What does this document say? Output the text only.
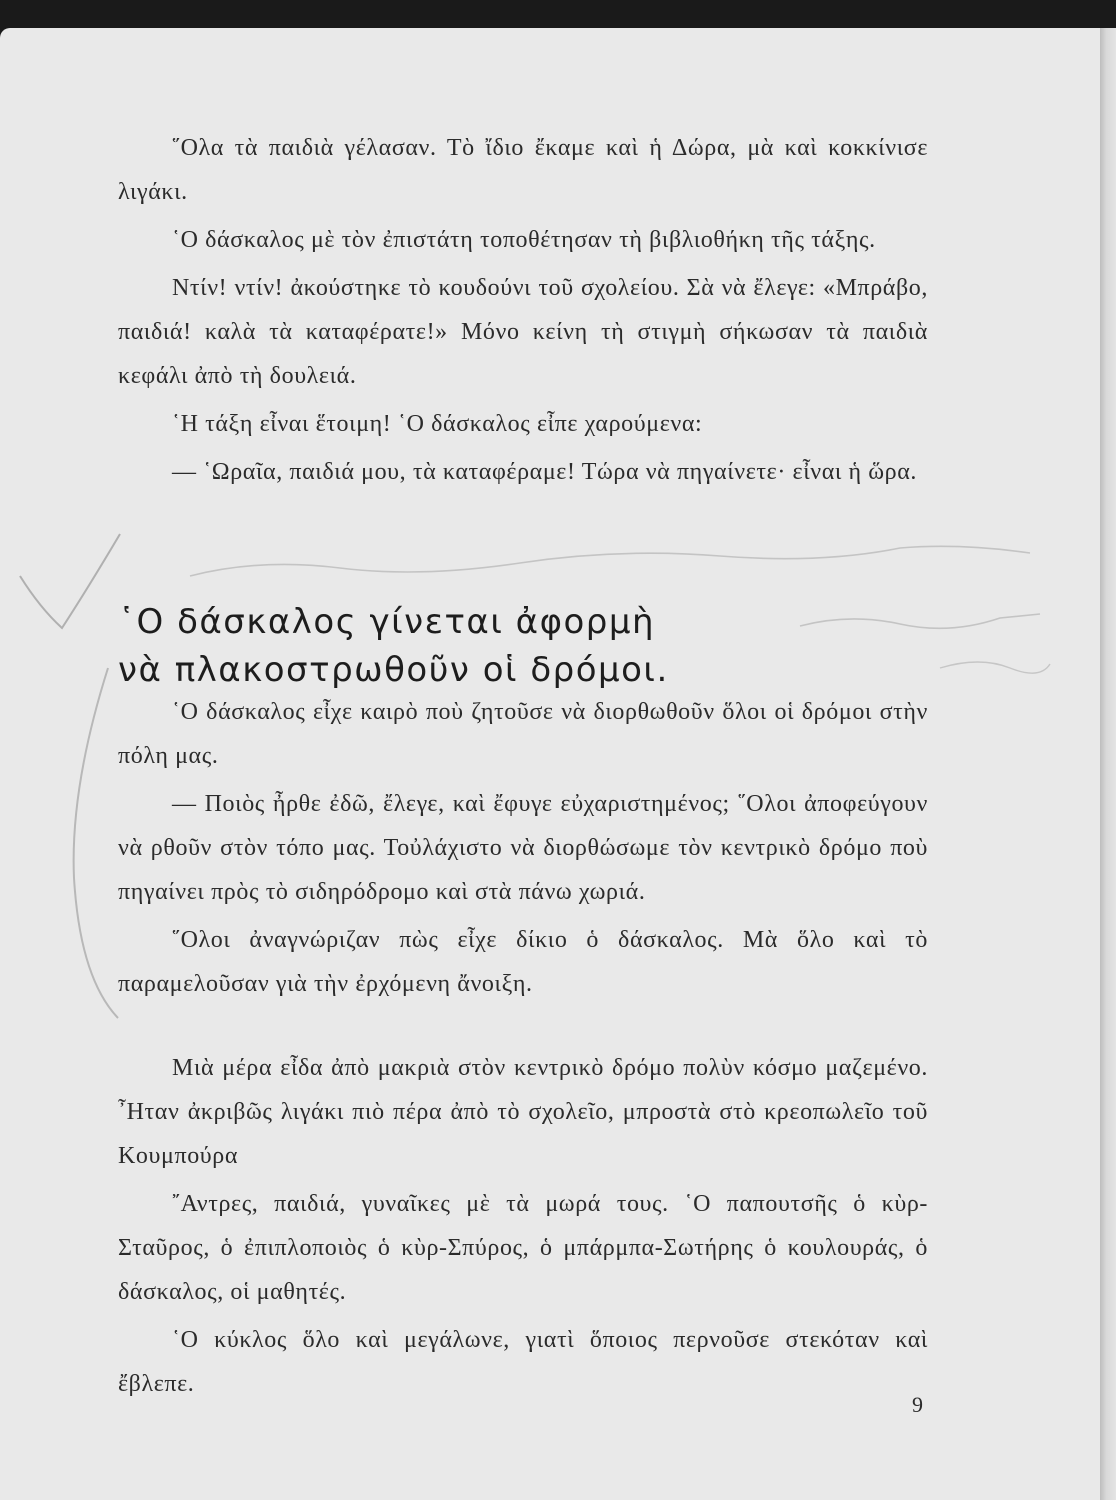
῞Ολα τὰ παιδιὰ γέλασαν. Τὸ ἴδιο ἔκαμε καὶ ἡ Δώρα, μὰ καὶ κοκκίνισε λιγάκι.

῾Ο δάσκαλος μὲ τὸν ἐπιστάτη τοποθέτησαν τὴ βιβλιοθήκη τῆς τάξης.

Ντίν! ντίν! ἀκούστηκε τὸ κουδούνι τοῦ σχολείου. Σὰ νὰ ἔλεγε: «Μπράβο, παιδιά! καλὰ τὰ καταφέρατε!» Μόνο κείνη τὴ στιγμὴ σήκωσαν τὰ παιδιὰ κεφάλι ἀπὸ τὴ δουλειά.

῾Η τάξη εἶναι ἕτοιμη! ῾Ο δάσκαλος εἶπε χαρούμενα:

— ῾Ωραῖα, παιδιά μου, τὰ καταφέραμε! Τώρα νὰ πηγαίνετε· εἶναι ἡ ὥρα.

῾Ο δάσκαλος γίνεται ἀφορμὴ
νὰ πλακοστρωθοῦν οἱ δρόμοι.

῾Ο δάσκαλος εἶχε καιρὸ ποὺ ζητοῦσε νὰ διορθωθοῦν ὅλοι οἱ δρόμοι στὴν πόλη μας.

— Ποιὸς ἦρθε ἐδῶ, ἔλεγε, καὶ ἔφυγε εὐχαριστημένος; ῞Ολοι ἀποφεύγουν νὰ ρθοῦν στὸν τόπο μας. Τοὐλάχιστο νὰ διορθώσωμε τὸν κεντρικὸ δρόμο ποὺ πηγαίνει πρὸς τὸ σιδηρόδρομο καὶ στὰ πάνω χωριά.

῞Ολοι ἀναγνώριζαν πὼς εἶχε δίκιο ὁ δάσκαλος. Μὰ ὅλο καὶ τὸ παραμελοῦσαν γιὰ τὴν ἐρχόμενη ἄνοιξη.

Μιὰ μέρα εἶδα ἀπὸ μακριὰ στὸν κεντρικὸ δρόμο πολὺν κόσμο μαζεμένο. ῏Ηταν ἀκριβῶς λιγάκι πιὸ πέρα ἀπὸ τὸ σχολεῖο, μπροστὰ στὸ κρεοπωλεῖο τοῦ Κουμπούρα

῎Αντρες, παιδιά, γυναῖκες μὲ τὰ μωρά τους. ῾Ο παπουτσῆς ὁ κὺρ-Σταῦρος, ὁ ἐπιπλοποιὸς ὁ κὺρ-Σπύρος, ὁ μπάρμπα-Σωτήρης ὁ κουλουράς, ὁ δάσκαλος, οἱ μαθητές.

῾Ο κύκλος ὅλο καὶ μεγάλωνε, γιατὶ ὅποιος περνοῦσε στεκόταν καὶ ἔβλεπε.

9
